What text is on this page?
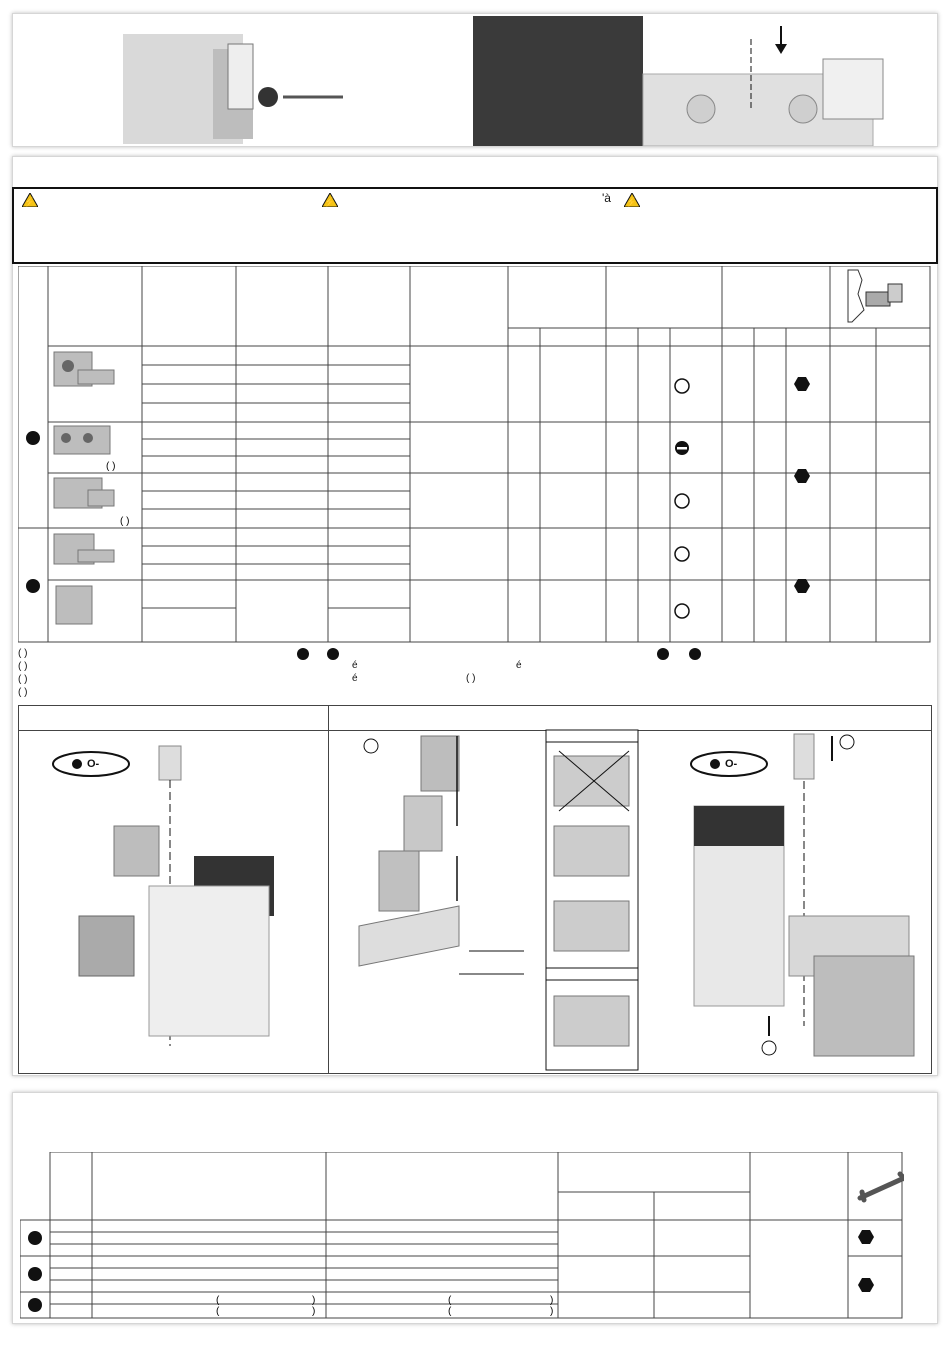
⚡	⚡	'à ⚡
( )
( )
( )
( )
( )
( )
é	é
é	( )
O-	O-
(	)
(	)
(	)
(	)
